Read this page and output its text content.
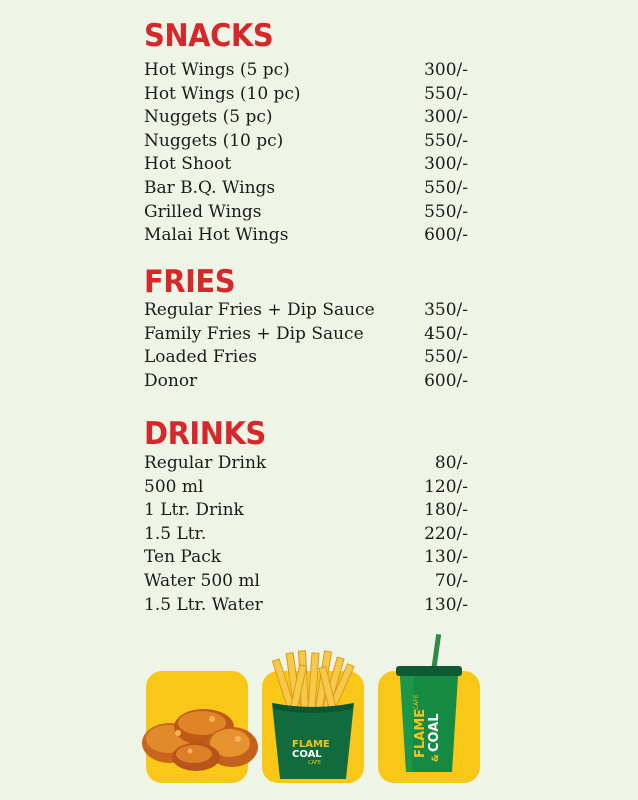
SNACKS
Hot Wings (5 pc)	300/-
Hot Wings (10 pc)	550/-
Nuggets (5 pc)	300/-
Nuggets (10 pc)	550/-
Hot Shoot	300/-
Bar B.Q. Wings	550/-
Grilled Wings	550/-
Malai Hot Wings	600/-
FRIES
Regular Fries + Dip Sauce	350/-
Family Fries + Dip Sauce	450/-
Loaded Fries	550/-
Donor	600/-
DRINKS
Regular Drink	80/-
500 ml	120/-
1 Ltr. Drink	180/-
1.5 Ltr.	220/-
Ten Pack	130/-
Water 500 ml	70/-
1.5 Ltr. Water	130/-
FLAME
COAL
CAFE
FLAME
&
COAL
CAFE
